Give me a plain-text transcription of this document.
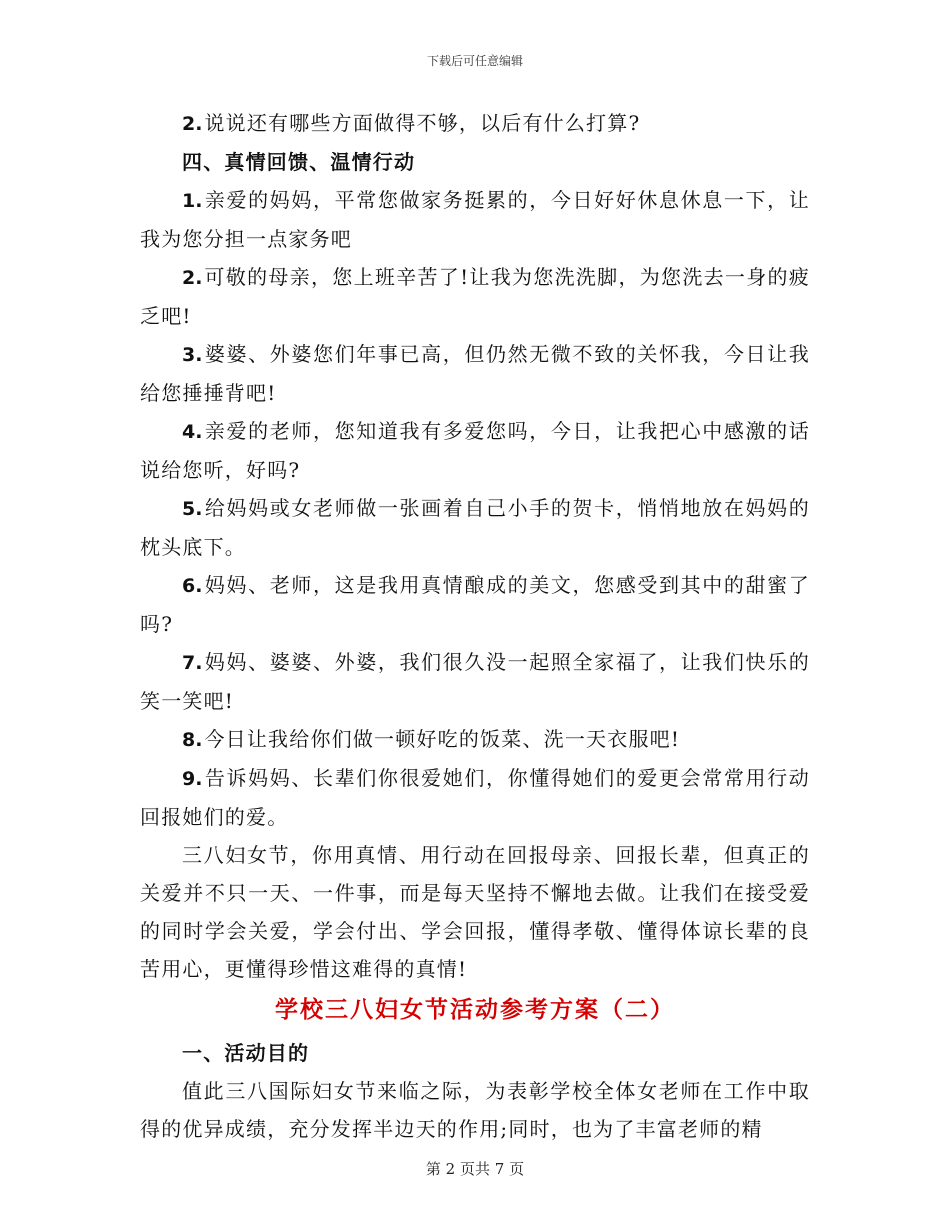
下载后可任意编辑

2. 说说还有哪些方面做得不够，以后有什么打算?

四、真情回馈、温情行动

1. 亲爱的妈妈，平常您做家务挺累的，今日好好休息休息一下，让我为您分担一点家务吧

2. 可敬的母亲，您上班辛苦了!让我为您洗洗脚，为您洗去一身的疲乏吧!

3. 婆婆、外婆您们年事已高，但仍然无微不致的关怀我，今日让我给您捶捶背吧!

4. 亲爱的老师，您知道我有多爱您吗，今日，让我把心中感激的话说给您听，好吗?

5. 给妈妈或女老师做一张画着自己小手的贺卡，悄悄地放在妈妈的枕头底下。

6. 妈妈、老师，这是我用真情酿成的美文，您感受到其中的甜蜜了吗?

7. 妈妈、婆婆、外婆，我们很久没一起照全家福了，让我们快乐的笑一笑吧!

8. 今日让我给你们做一顿好吃的饭菜、洗一天衣服吧!

9. 告诉妈妈、长辈们你很爱她们，你懂得她们的爱更会常常用行动回报她们的爱。

三八妇女节，你用真情、用行动在回报母亲、回报长辈，但真正的关爱并不只一天、一件事，而是每天坚持不懈地去做。让我们在接受爱的同时学会关爱，学会付出、学会回报，懂得孝敬、懂得体谅长辈的良苦用心，更懂得珍惜这难得的真情!

学校三八妇女节活动参考方案（二）

一、活动目的

值此三八国际妇女节来临之际，为表彰学校全体女老师在工作中取得的优异成绩，充分发挥半边天的作用;同时，也为了丰富老师的精

第 2 页共 7 页
